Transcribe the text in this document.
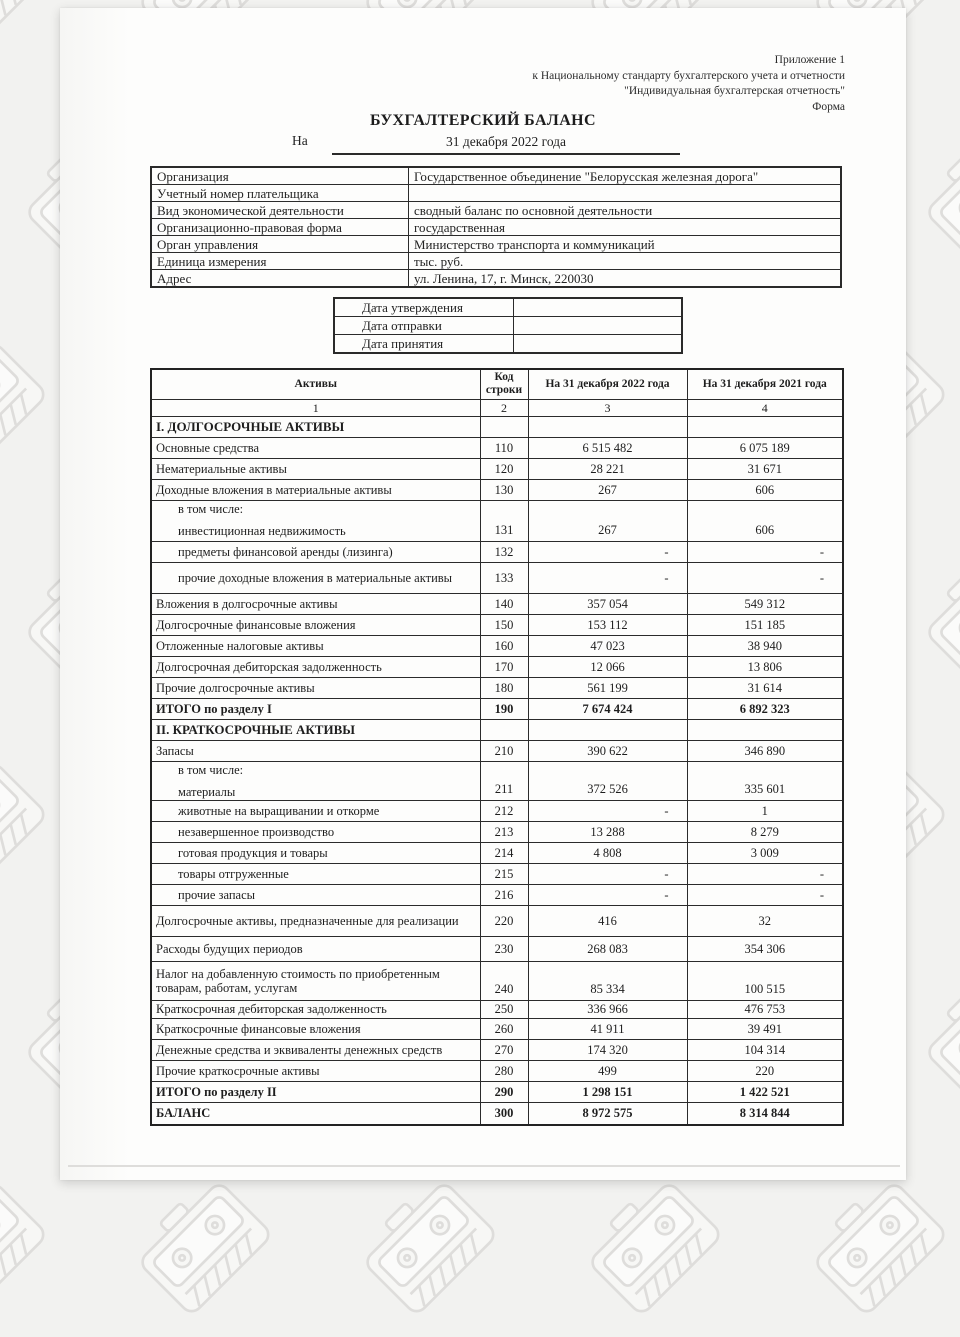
Приложение 1
к Национальному стандарту бухгалтерского учета и отчетности
"Индивидуальная бухгалтерская отчетность"
Форма
БУХГАЛТЕРСКИЙ БАЛАНС
На	31 декабря 2022 года
Организация	Государственное объединение "Белорусская железная дорога"
Учетный номер плательщика	
Вид экономической деятельности	сводный баланс по основной деятельности
Организационно-правовая форма	государственная
Орган управления	Министерство транспорта и коммуникаций
Единица измерения	тыс. руб.
Адрес	ул. Ленина, 17, г. Минск, 220030
Дата утверждения	
Дата отправки	
Дата принятия	
Активы	Код строки	На 31 декабря 2022 года	На 31 декабря 2021 года
1	2	3	4
I. ДОЛГОСРОЧНЫЕ АКТИВЫ			
Основные средства	110	6 515 482	6 075 189
Нематериальные активы	120	28 221	31 671
Доходные вложения в материальные активы	130	267	606

в том числе:
инвестиционная недвижимость	131	267	606
предметы финансовой аренды (лизинга)	132	-	-
прочие доходные вложения в материальные активы	133	-	-
Вложения в долгосрочные активы	140	357 054	549 312
Долгосрочные финансовые вложения	150	153 112	151 185
Отложенные налоговые активы	160	47 023	38 940
Долгосрочная дебиторская задолженность	170	12 066	13 806
Прочие долгосрочные активы	180	561 199	31 614
ИТОГО по разделу I	190	7 674 424	6 892 323
II. КРАТКОСРОЧНЫЕ АКТИВЫ			
Запасы	210	390 622	346 890

в том числе:
материалы	211	372 526	335 601
животные на выращивании и откорме	212	-	1
незавершенное производство	213	13 288	8 279
готовая продукция и товары	214	4 808	3 009
товары отгруженные	215	-	-
прочие запасы	216	-	-
Долгосрочные активы, предназначенные для реализации	220	416	32
Расходы будущих периодов	230	268 083	354 306
Налог на добавленную стоимость по приобретенным товарам, работам, услугам	240	85 334	100 515
Краткосрочная дебиторская задолженность	250	336 966	476 753
Краткосрочные финансовые вложения	260	41 911	39 491
Денежные средства и эквиваленты денежных средств	270	174 320	104 314
Прочие краткосрочные активы	280	499	220
ИТОГО по разделу II	290	1 298 151	1 422 521
БАЛАНС	300	8 972 575	8 314 844
